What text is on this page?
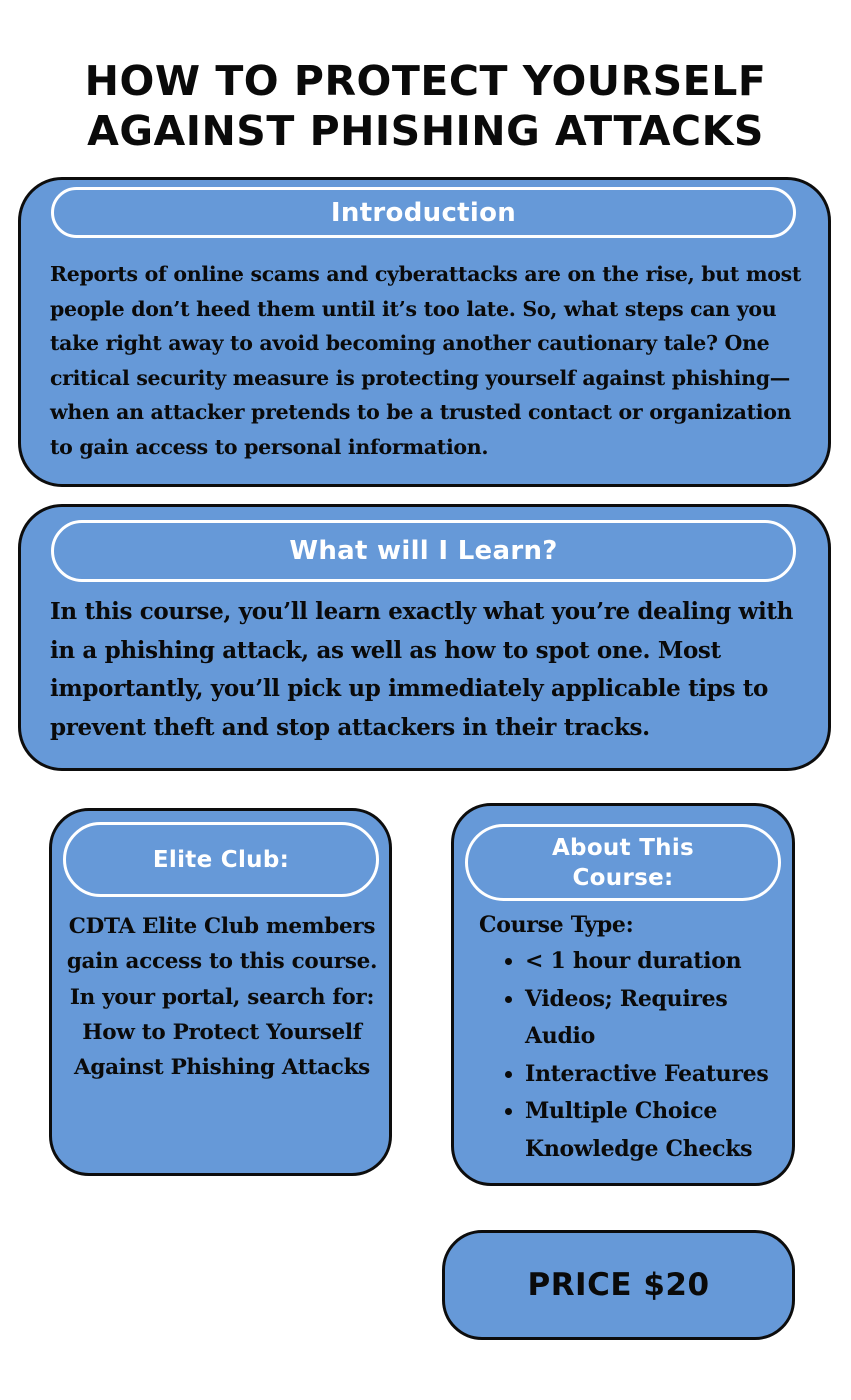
HOW TO PROTECT YOURSELF AGAINST PHISHING ATTACKS
Introduction

Reports of online scams and cyberattacks are on the rise, but most people don’t heed them until it’s too late. So, what steps can you take right away to avoid becoming another cautionary tale? One critical security measure is protecting yourself against phishing—when an attacker pretends to be a trusted contact or organization to gain access to personal information.

What will I Learn?

In this course, you’ll learn exactly what you’re dealing with in a phishing attack, as well as how to spot one. Most importantly, you’ll pick up immediately applicable tips to prevent theft and stop attackers in their tracks.

Elite Club:
CDTA Elite Club members gain access to this course.
In your portal, search for: How to Protect Yourself Against Phishing Attacks
About This Course:
Course Type:
• < 1 hour duration
• Videos; Requires Audio
• Interactive Features
• Multiple Choice Knowledge Checks
PRICE $20
